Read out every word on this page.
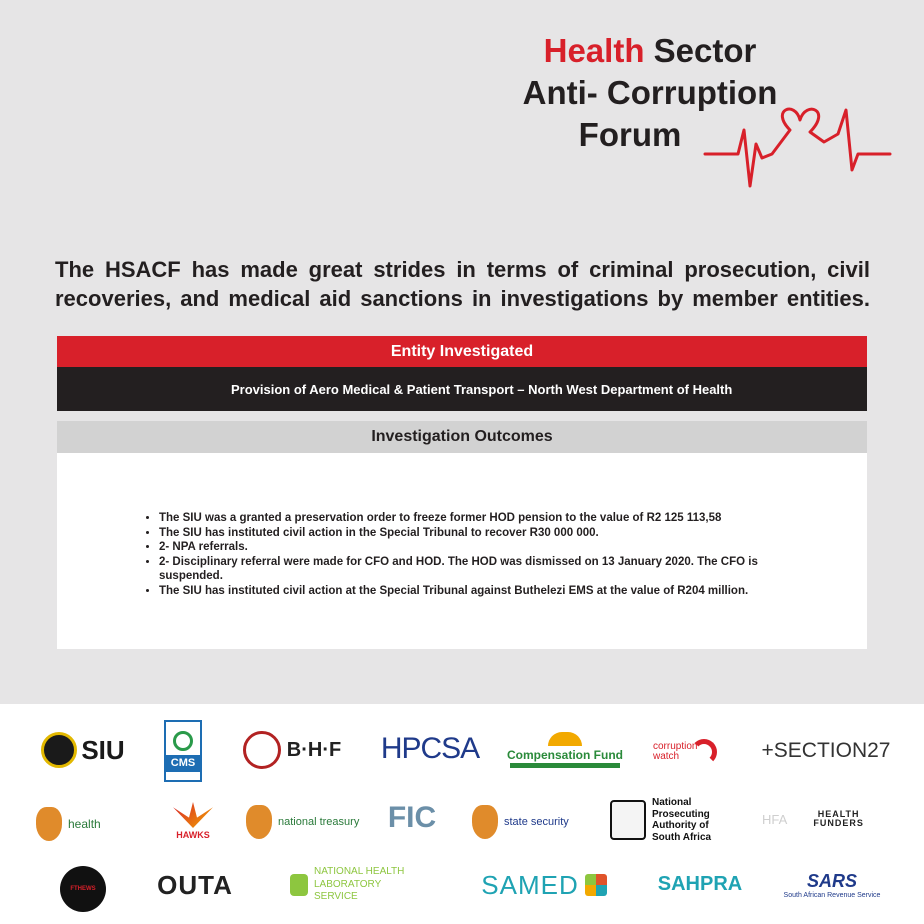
Health Sector
Anti- Corruption
Forum
The HSACF has made great strides in terms of criminal prosecution, civil recoveries, and medical aid sanctions in investigations by member entities.
Entity Investigated
Provision of Aero Medical & Patient Transport – North West Department of Health
Investigation Outcomes
• The SIU was a granted a preservation order to freeze former HOD pension to the value of R2 125 113,58
• The SIU has instituted civil action in the Special Tribunal to recover R30 000 000.
• 2- NPA referrals.
• 2- Disciplinary referral were made for CFO and HOD. The HOD was dismissed on 13 January 2020. The CFO is suspended.
• The SIU has instituted civil action at the Special Tribunal against Buthelezi EMS at the value of R204 million.
SIU	CMS
B·H·F HPCSA Compensation Fund
corruption watch	+SECTION27
health
HAWKS
national treasury FIC	state security
National Prosecuting Authority of South Africa
HFA	HEALTH FUNDERS
FTHEWS OUTA	NATIONAL HEALTH LABORATORY SERVICE	SAMED	SAHPRA	SARS
South African Revenue Service
